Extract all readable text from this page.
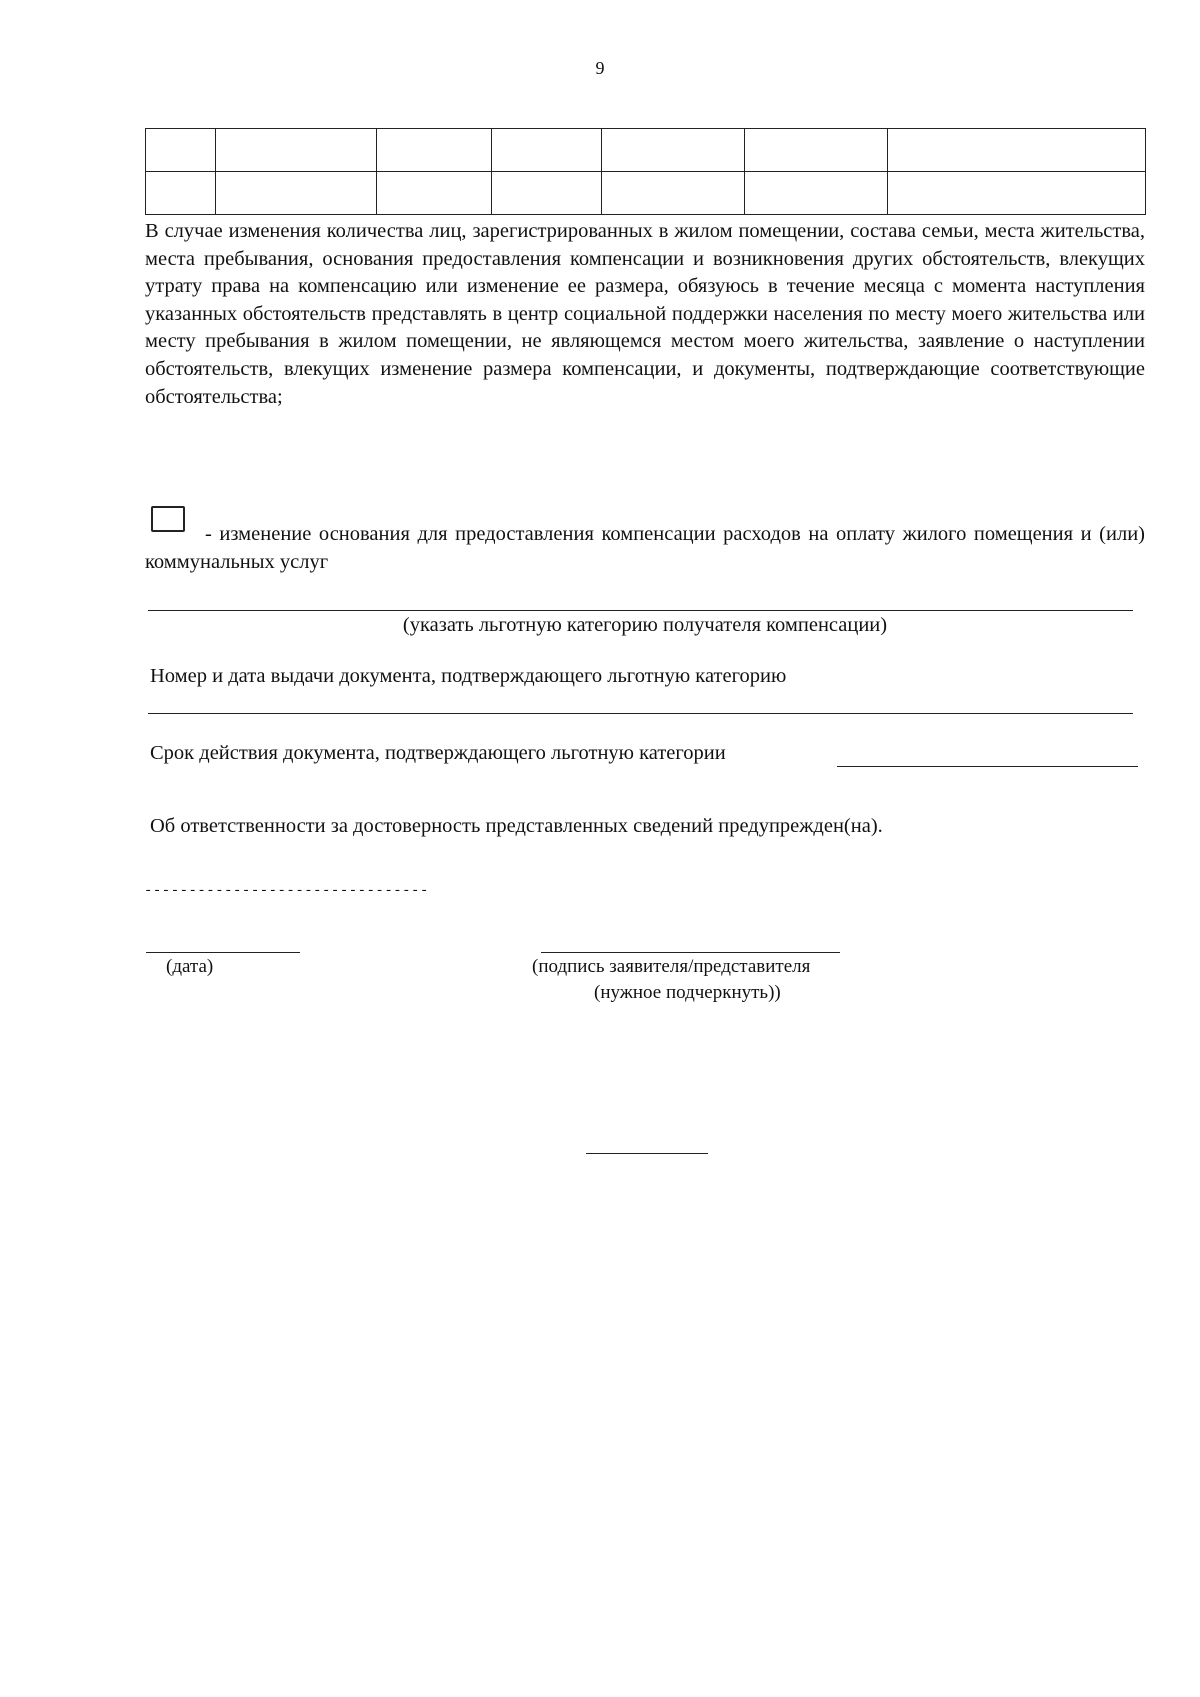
9

В случае изменения количества лиц, зарегистрированных в жилом помещении, состава семьи, места жительства, места пребывания, основания предоставления компенсации и возникновения других обстоятельств, влекущих утрату права на компенсацию или изменение ее размера, обязуюсь в течение месяца с момента наступления указанных обстоятельств представлять в центр социальной поддержки населения по месту моего жительства или месту пребывания в жилом помещении, не являющемся местом моего жительства, заявление о наступлении обстоятельств, влекущих изменение размера компенсации, и документы, подтверждающие соответствующие обстоятельства;

- изменение основания для предоставления компенсации расходов на оплату жилого помещения и (или) коммунальных услуг

(указать льготную категорию получателя компенсации)
Номер и дата выдачи документа, подтверждающего льготную категорию
Срок действия документа, подтверждающего льготную категории
Об ответственности за достоверность представленных сведений предупрежден(на).
--------------------------------
(дата)	(подпись заявителя/представителя
(нужное подчеркнуть))
